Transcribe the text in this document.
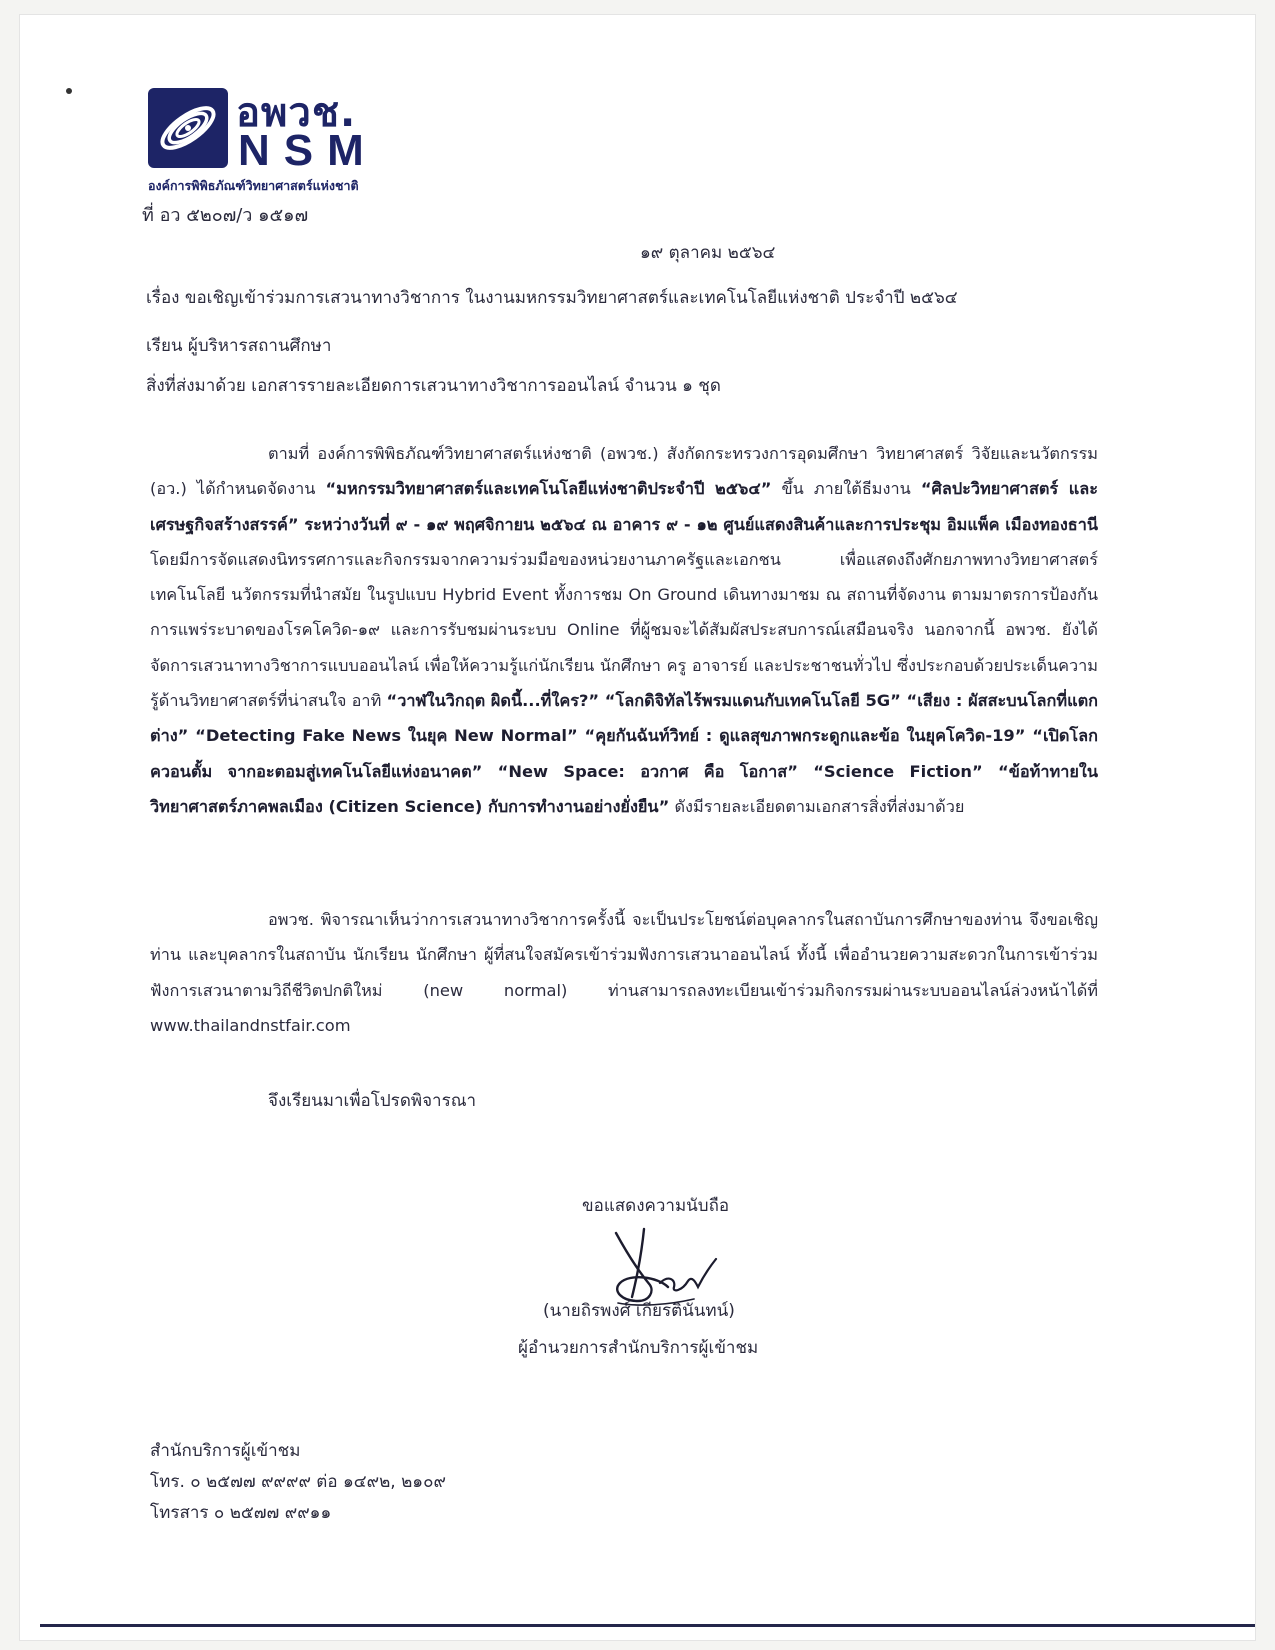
อพวช.
NSM
องค์การพิพิธภัณฑ์วิทยาศาสตร์แห่งชาติ
ที่ อว ๕๒๐๗/ว ๑๕๑๗
๑๙ ตุลาคม ๒๕๖๔
เรื่อง ขอเชิญเข้าร่วมการเสวนาทางวิชาการ ในงานมหกรรมวิทยาศาสตร์และเทคโนโลยีแห่งชาติ ประจำปี ๒๕๖๔
เรียน ผู้บริหารสถานศึกษา
สิ่งที่ส่งมาด้วย เอกสารรายละเอียดการเสวนาทางวิชาการออนไลน์ จำนวน ๑ ชุด
ตามที่ องค์การพิพิธภัณฑ์วิทยาศาสตร์แห่งชาติ (อพวช.) สังกัดกระทรวงการอุดมศึกษา วิทยาศาสตร์ วิจัยและนวัตกรรม (อว.) ได้กำหนดจัดงาน “มหกรรมวิทยาศาสตร์และเทคโนโลยีแห่งชาติประจำปี ๒๕๖๔” ขึ้น ภายใต้ธีมงาน “ศิลปะวิทยาศาสตร์ และเศรษฐกิจสร้างสรรค์” ระหว่างวันที่ ๙ - ๑๙ พฤศจิกายน ๒๕๖๔ ณ อาคาร ๙ - ๑๒ ศูนย์แสดงสินค้าและการประชุม อิมแพ็ค เมืองทองธานี โดยมีการจัดแสดงนิทรรศการและกิจกรรมจากความร่วมมือของหน่วยงานภาครัฐและเอกชน เพื่อแสดงถึงศักยภาพทางวิทยาศาสตร์ เทคโนโลยี นวัตกรรมที่นำสมัย ในรูปแบบ Hybrid Event ทั้งการชม On Ground เดินทางมาชม ณ สถานที่จัดงาน ตามมาตรการป้องกันการแพร่ระบาดของโรคโควิด-๑๙ และการรับชมผ่านระบบ Online ที่ผู้ชมจะได้สัมผัสประสบการณ์เสมือนจริง นอกจากนี้ อพวช. ยังได้จัดการเสวนาทางวิชาการแบบออนไลน์ เพื่อให้ความรู้แก่นักเรียน นักศึกษา ครู อาจารย์ และประชาชนทั่วไป ซึ่งประกอบด้วยประเด็นความรู้ด้านวิทยาศาสตร์ที่น่าสนใจ อาทิ “วาฬในวิกฤต ผิดนี้...ที่ใคร?” “โลกดิจิทัลไร้พรมแดนกับเทคโนโลยี 5G” “เสียง : ผัสสะบนโลกที่แตกต่าง” “Detecting Fake News ในยุค New Normal” “คุยกันฉันท์วิทย์ : ดูแลสุขภาพกระดูกและข้อ ในยุคโควิด-19” “เปิดโลก ควอนตั้ม จากอะตอมสู่เทคโนโลยีแห่งอนาคต” “New Space: อวกาศ คือ โอกาส” “Science Fiction” “ข้อท้าทายในวิทยาศาสตร์ภาคพลเมือง (Citizen Science) กับการทำงานอย่างยั่งยืน” ดังมีรายละเอียดตามเอกสารสิ่งที่ส่งมาด้วย
อพวช. พิจารณาเห็นว่าการเสวนาทางวิชาการครั้งนี้ จะเป็นประโยชน์ต่อบุคลากรในสถาบันการศึกษาของท่าน จึงขอเชิญท่าน และบุคลากรในสถาบัน นักเรียน นักศึกษา ผู้ที่สนใจสมัครเข้าร่วมฟังการเสวนาออนไลน์ ทั้งนี้ เพื่ออำนวยความสะดวกในการเข้าร่วมฟังการเสวนาตามวิถีชีวิตปกติใหม่ (new normal) ท่านสามารถลงทะเบียนเข้าร่วมกิจกรรมผ่านระบบออนไลน์ล่วงหน้าได้ที่ www.thailandnstfair.com
จึงเรียนมาเพื่อโปรดพิจารณา
ขอแสดงความนับถือ
(นายถิรพงศ์ เกียรตินันทน์)
ผู้อำนวยการสำนักบริการผู้เข้าชม
สำนักบริการผู้เข้าชม
โทร. ๐ ๒๕๗๗ ๙๙๙๙ ต่อ ๑๔๙๒, ๒๑๐๙
โทรสาร ๐ ๒๕๗๗ ๙๙๑๑
